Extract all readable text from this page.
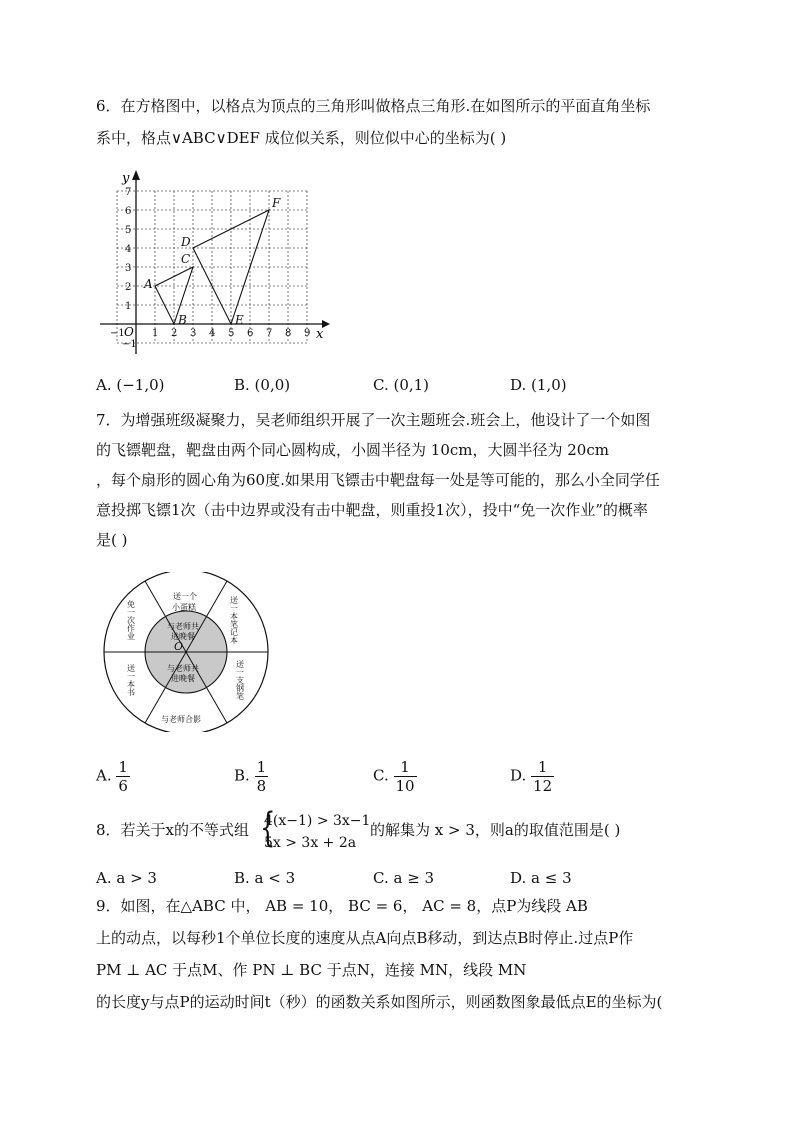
6．在方格图中，以格点为顶点的三角形叫做格点三角形.在如图所示的平面直角坐标
系中，格点∨ABC∨DEF 成位似关系，则位似中心的坐标为( )
−1	1 2 3 4 5 6 7 8 9
−1
1
2
3
4
5
6
7
A
B
C
D
E
F
x
y
O
A. (−1,0)	B. (0,0)	C. (0,1)	D. (1,0)
7．为增强班级凝聚力，吴老师组织开展了一次主题班会.班会上，他设计了一个如图
的飞镖靶盘，靶盘由两个同心圆构成，小圆半径为 10cm，大圆半径为 20cm
，每个扇形的圆心角为60度.如果用飞镖击中靶盘每一处是等可能的，那么小全同学任
意投掷飞镖1次（击中边界或没有击中靶盘，则重投1次），投中“免一次作业”的概率
是( )
送一个
小蛋糕	送一本笔记本
送一支钢笔
与老师合影
送一本书
免一次作业	与老师共
进晚餐
与老师共
进晚餐
O
A. $\frac{1}{6}$	B. $\frac{1}{8}$	C. $\frac{1}{10}$	D. $\frac{1}{12}$
8．若关于x的不等式组 {
4(x−1) > 3x−1
5x > 3x + 2a
的解集为 x > 3，则a的取值范围是( )
A. a > 3	B. a < 3	C. a ≥ 3	D. a ≤ 3
9．如图，在△ABC 中， AB = 10， BC = 6， AC = 8，点P为线段 AB
上的动点，以每秒1个单位长度的速度从点A向点B移动，到达点B时停止.过点P作
PM ⊥ AC 于点M、作 PN ⊥ BC 于点N，连接 MN，线段 MN
的长度y与点P的运动时间t（秒）的函数关系如图所示，则函数图象最低点E的坐标为(
